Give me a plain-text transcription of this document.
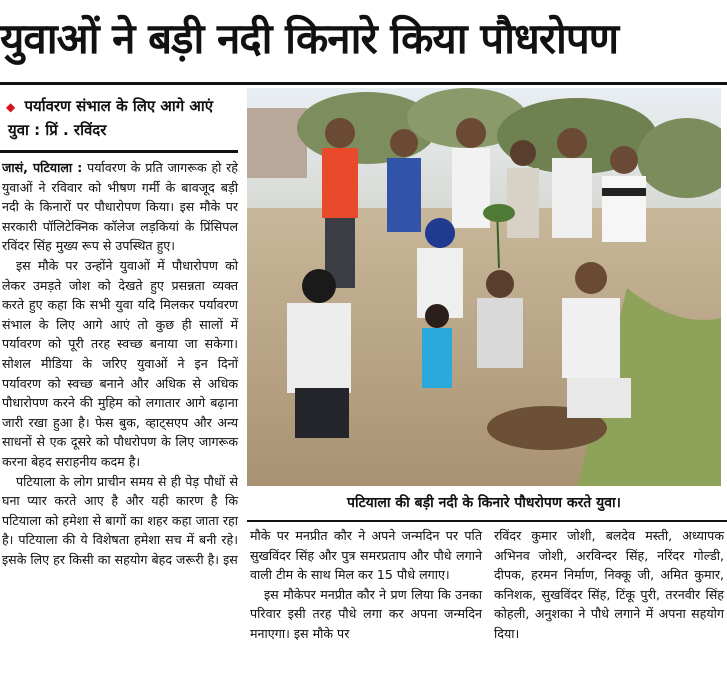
युवाओं ने बड़ी नदी किनारे किया पौधरोपण
◆ पर्यावरण संभाल के लिए आगे आएं
युवा : प्रिं . रविंदर

जासं, पटियाला : पर्यावरण के प्रति जागरूक हो रहे युवाओं ने रविवार को भीषण गर्मी के बावजूद बड़ी नदी के किनारों पर पौधारोपण किया। इस मौके पर सरकारी पॉलिटेक्निक कॉलेज लड़कियां के प्रिंसिपल रविंदर सिंह मुख्य रूप से उपस्थित हुए।

इस मौके पर उन्होंने युवाओं में पौधारोपण को लेकर उमड़ते जोश को देखते हुए प्रसन्नता व्यक्त करते हुए कहा कि सभी युवा यदि मिलकर पर्यावरण संभाल के लिए आगे आएं तो कुछ ही सालों में पर्यावरण को पूरी तरह स्वच्छ बनाया जा सकेगा। सोशल मीडिया के जरिए युवाओं ने इन दिनों पर्यावरण को स्वच्छ बनाने और अधिक से अधिक पौधारोपण करने की मुहिम को लगातार आगे बढ़ाना जारी रखा हुआ है। फेस बुक, व्हाट्सएप और अन्य साधनों से एक दूसरे को पौधरोपण के लिए जागरूक करना बेहद सराहनीय कदम है।

पटियाला के लोग प्राचीन समय से ही पेड़ पौधों से घना प्यार करते आए है और यही कारण है कि पटियाला को हमेशा से बागों का शहर कहा जाता रहा है। पटियाला की ये विशेषता हमेशा सच में बनी रहे। इसके लिए हर किसी का सहयोग बेहद जरूरी है। इस

पटियाला की बड़ी नदी के किनारे पौधरोपण करते युवा।

मौके पर मनप्रीत कौर ने अपने जन्मदिन पर पति सुखविंदर सिंह और पुत्र समरप्रताप और पौधे लगाने वाली टीम के साथ मिल कर 15 पौधे लगाए।

इस मौकेपर मनप्रीत कौर ने प्रण लिया कि उनका परिवार इसी तरह पौधे लगा कर अपना जन्मदिन मनाएगा। इस मौके पर

रविंदर कुमार जोशी, बलदेव मस्ती, अध्यापक अभिनव जोशी, अरविन्दर सिंह, नरिंदर गोल्डी, दीपक, हरमन निर्माण, निक्कू जी, अमित कुमार, कनिशक, सुखविंदर सिंह, टिंकू पुरी, तरनवीर सिंह कोहली, अनुशका ने पौधे लगाने में अपना सहयोग दिया।
